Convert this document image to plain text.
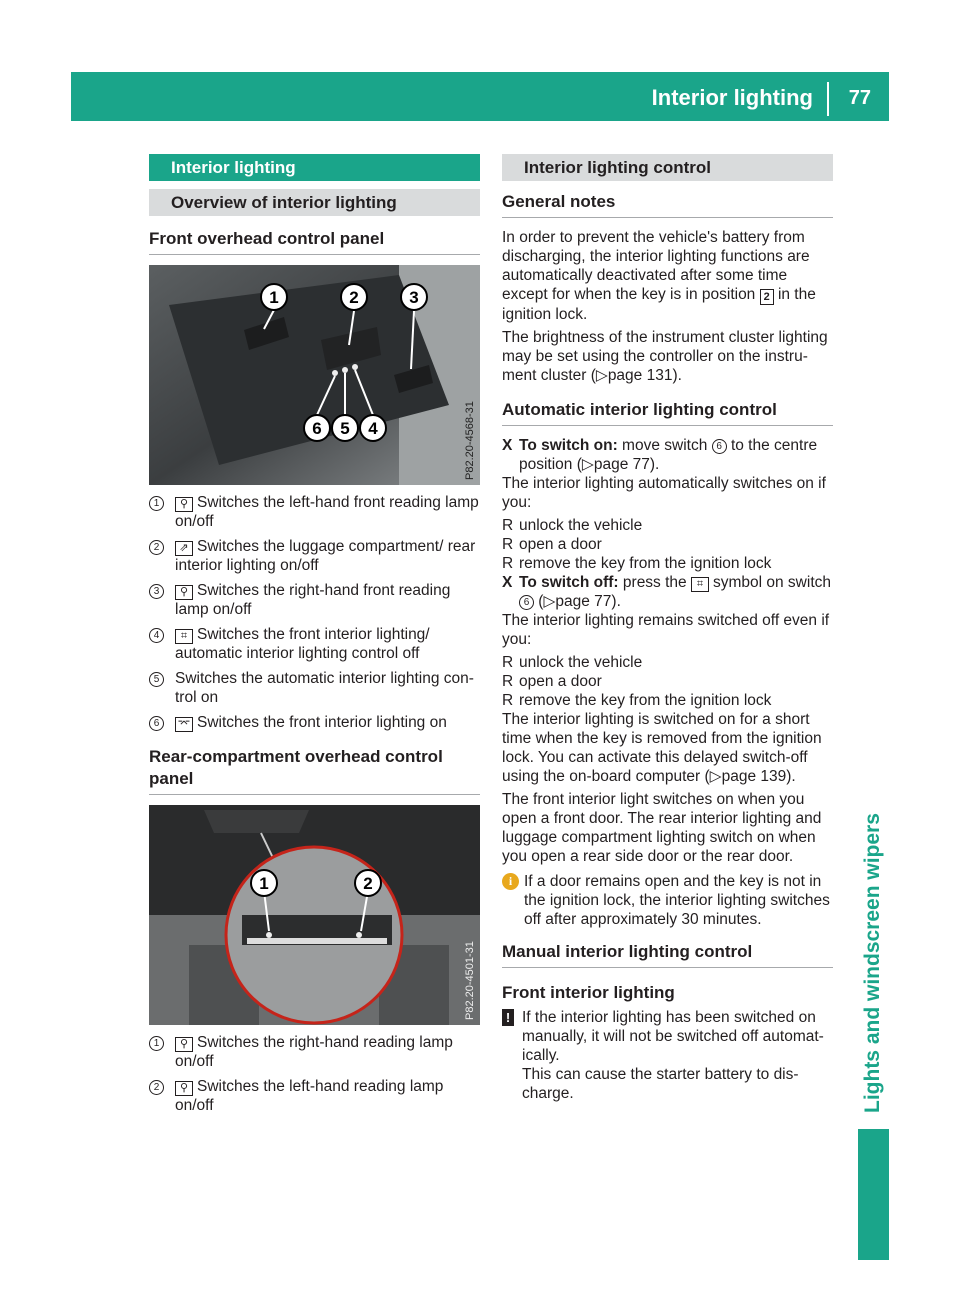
Interior lighting 77
Lights and windscreen wipers
Interior lighting
Overview of interior lighting
Front overhead control panel
1	2	3
4
5
6	P82.20-4568-31
1	⚲ Switches the left-hand front reading lamp on/off
2	⇗ Switches the luggage compartment/ rear interior lighting on/off
3	⚲ Switches the right-hand front reading lamp on/off
4	⌗ Switches the front interior lighting/ automatic interior lighting control off
5	Switches the automatic interior lighting con- trol on
6	⌤ Switches the front interior lighting on
Rear-compartment overhead control panel
1	2
P82.20-4501-31
1	⚲ Switches the right-hand reading lamp on/off
2	⚲ Switches the left-hand reading lamp on/off
Interior lighting control
General notes

In order to prevent the vehicle's battery from discharging, the interior lighting functions are automatically deactivated after some time except for when the key is in position 2 in the ignition lock.

The brightness of the instrument cluster lighting may be set using the controller on the instru- ment cluster (▷page 131).

Automatic interior lighting control
X To switch on: move switch 6 to the centre position (▷page 77).

The interior lighting automatically switches on if you:

R unlock the vehicle
R open a door
R remove the key from the ignition lock
X To switch off: press the ⌗ symbol on switch 6 (▷page 77).

The interior lighting remains switched off even if you:

R unlock the vehicle
R open a door
R remove the key from the ignition lock

The interior lighting is switched on for a short time when the key is removed from the ignition lock. You can activate this delayed switch-off using the on-board computer (▷page 139).

The front interior light switches on when you open a front door. The rear interior lighting and luggage compartment lighting switch on when you open a rear side door or the rear door.

i If a door remains open and the key is not in the ignition lock, the interior lighting switches off after approximately 30 minutes.
Manual interior lighting control
Front interior lighting
! If the interior lighting has been switched on manually, it will not be switched off automat- ically.
This can cause the starter battery to dis- charge.
